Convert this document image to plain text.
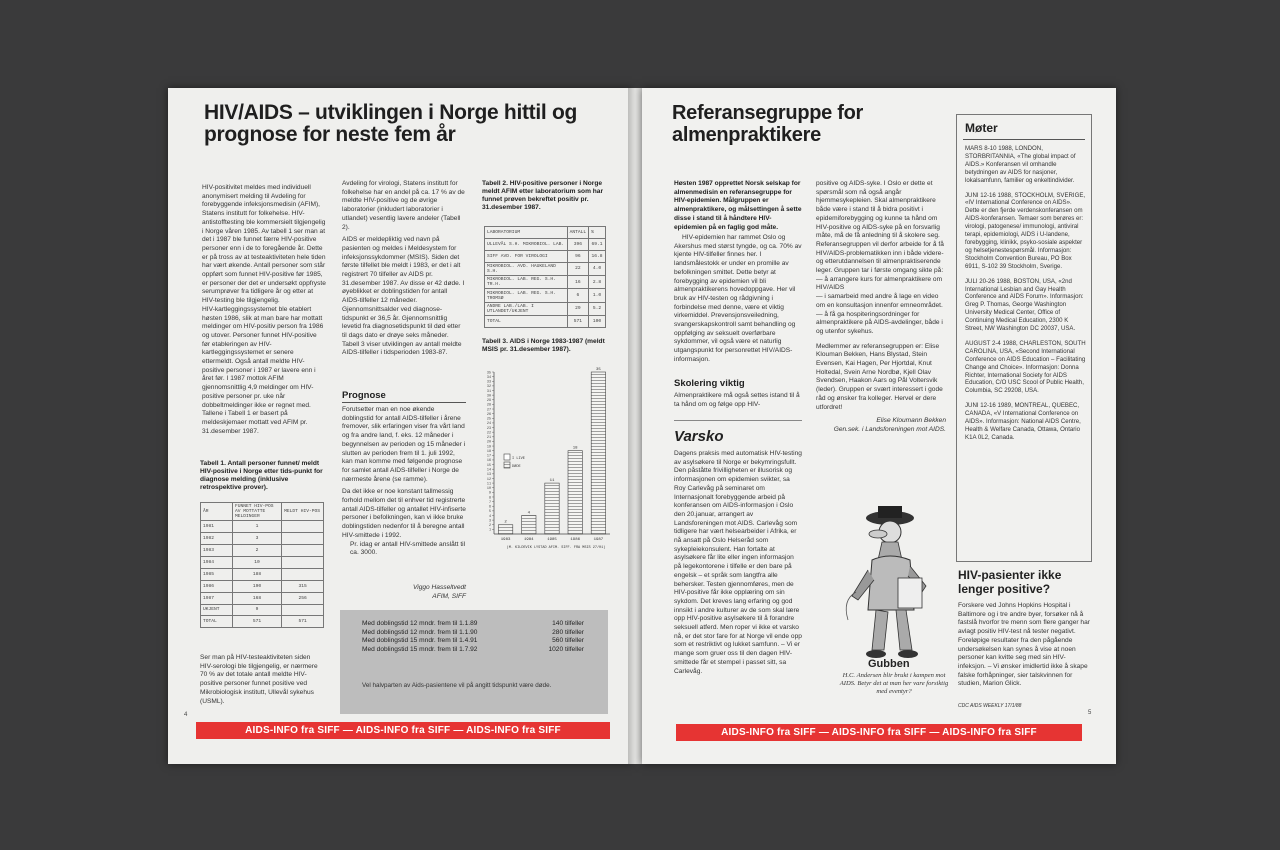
HIV/AIDS – utviklingen i Norge hittil og prognose for neste fem år

HIV-positivitet meldes med individuell anonymisert melding til Avdeling for forebyggende infeksjonsmedisin (AFIM), Statens institutt for folkehelse. HIV-antistofftesting ble kommersielt tilgjengelig i Norge våren 1985. Av tabell 1 ser man at det i 1987 ble funnet færre HIV-positive personer enn i de to foregående år. Dette er på tross av at testeaktiviteten hele tiden har vært økende. Antall personer som står oppført som funnet HIV-positive før 1985, er personer der det er undersøkt oppfryste serumprøver fra tidligere år og etter at HIV-testing ble tilgjengelig.

HIV-kartleggingssystemet ble etablert høsten 1986, slik at man bare har mottatt meldinger om HIV-positiv person fra 1986 og utover. Personer funnet HIV-positive før etableringen av HIV-kartleggingssystemet er senere ettermeldt. Også antall meldte HIV-positive personer i 1987 er lavere enn i året før. I 1987 mottok AFIM gjennomsnittlig 4,9 meldinger om HIV-positive personer pr. uke når dobbeltmeldinger ikke er regnet med. Tallene i Tabell 1 er basert på meldeskjemaer mottatt ved AFIM pr. 31.desember 1987.

Avdeling for virologi, Statens institutt for folkehelse har en andel på ca. 17 % av de meldte HIV-positive og de øvrige laboratorier (inkludert laboratorier i utlandet) vesentlig lavere andeler (Tabell 2).

AIDS er meldepliktig ved navn på pasienten og meldes i Meldesystem for infeksjonssykdommer (MSIS). Siden det første tilfellet ble meldt i 1983, er det i alt registrert 70 tilfeller av AIDS pr. 31.desember 1987. Av disse er 42 døde. I øyeblikket er doblingstiden for antall AIDS-tilfeller 12 måneder. Gjennomsnittsalder ved diagnose-tidspunkt er 36,5 år. Gjennomsnittlig levetid fra diagnosetidspunkt til død etter til dags dato er drøye seks måneder. Tabell 3 viser utviklingen av antall meldte AIDS-tilfeller i tidsperioden 1983-87.

Prognose

Forutsetter man en noe økende doblingstid for antall AIDS-tilfeller i årene fremover, slik erfaringen viser fra vårt land og fra andre land, f. eks. 12 måneder i begynnelsen av perioden og 15 måneder i slutten av perioden frem til 1. juli 1992, kan man komme med følgende prognose for samlet antall AIDS-tilfeller i Norge de nærmeste årene (se ramme).

Da det ikke er noe konstant tallmessig forhold mellom det til enhver tid registrerte antall AIDS-tilfeller og antallet HIV-infiserte personer i befolkningen, kan vi ikke bruke doblingstiden nedenfor til å beregne antall HIV-smittede i 1992.

Pr. idag er antall HIV-smittede anslått til ca. 3000.

Viggo Hasseltvedt
AFIM, SIFF
Tabell 1. Antall personer funnet/ meldt HIV-positive i Norge etter tids-punkt for diagnose melding (inklusive retrospektive prover).
ÅR	FUNNET HIV-POS AV MOTTATTE MELDINGER	MELDT HIV-POS
1981	1	
1982	3	
1983	2	
1984	10	
1985	188	
1986	190	315
1987	168	256
UKJENT	9	
TOTAL	571	571
Ser man på HIV-testeaktiviteten siden HIV-serologi ble tilgjengelig, er nærmere 70 % av det totale antall meldte HIV-positive personer funnet positive ved Mikrobiologisk institutt, Ullevål sykehus (USML).
Tabell 2. HIV-positive personer i Norge meldt AFIM etter laboratorium som har funnet prøven bekreftet positiv pr. 31.desember 1987.
LABORATORIUM	ANTALL	%
ULLEVÅL S.H. MIKROBIOL. LAB.	396	69.1
SIFF AVD. FOR VIROLOGI	96	16.8
MIKROBIOL. AVD. HAUKELAND S.H.	22	4.0
MIKROBIOL. LAB. REG. S.H. TR.H.	16	2.8
MIKROBIOL. LAB. REG. S.H. TROMSØ	6	1.0
ANDRE LAB./LAB. I UTLANDET/UKJENT	29	5.2
TOTAL	571	100
Tabell 3. AIDS i Norge 1983-1987 (meldt MSIS pr. 31.desember 1987).
1
2
3
4
5
6
7
8
9
10
11
12
13
14
15
16
17
18
19
20
21
22
23
24
25
26
27
28
29
30
31
32
33
34
35
2
1983
4
1984
11
1985
18
1986
35
1987
I LIVE
DØDE
(M. KILDEVIK LYSTAD AFIM. SIFF. FRA MSIS 27/01)
Med doblingstid 12 mndr. frem til 1.1.89	140 tilfeller
Med doblingstid 12 mndr. frem til 1.1.90	280 tilfeller
Med doblingstid 15 mndr. frem til 1.4.91	560 tilfeller
Med doblingstid 15 mndr. frem til 1.7.92	1020 tilfeller
Vel halvparten av Aids-pasientene vil på angitt tidspunkt være døde.
4
AIDS-INFO fra SIFF — AIDS-INFO fra SIFF — AIDS-INFO fra SIFF
Referansegruppe for almenpraktikere
Høsten 1987 opprettet Norsk selskap for almenmedisin en referansegruppe for HIV-epidemien. Målgruppen er almenpraktikere, og målsettingen å sette disse i stand til å håndtere HIV-epidemien på en faglig god måte.
HIV-epidemien har rammet Oslo og Akershus med størst tyngde, og ca. 70% av kjente HIV-tilfeller finnes her. I landsmålestokk er under en promille av befolkningen smittet. Dette betyr at forebygging av epidemien vil bli almenpraktikerens hovedoppgave. Her vil bruk av HIV-testen og rådgivning i forbindelse med denne, være et viktig virkemiddel. Prevensjonsveiledning, svangerskapskontroll samt behandling og oppfølging av seksuelt overførbare sykdommer, vil også være et naturlig utgangspunkt for personrettet HIV/AIDS-informasjon.
Skolering viktig
Almenpraktikere må også settes istand til å ta hånd om og følge opp HIV-
Varsko
Dagens praksis med automatisk HIV-testing av asylsøkere til Norge er bekymringsfullt. Den påståtte frivilligheten er illusorisk og informasjonen om epidemien svikter, sa Roy Carlevåg på seminaret om Internasjonalt forebyggende arbeid på konferansen om AIDS-informasjon i Oslo den 20.januar, arrangert av Landsforeningen mot AIDS. Carlevåg som tidligere har vært helsearbeider i Afrika, er nå ansatt på Oslo Helseråd som sykepleiekonsulent. Han fortalte at asylsøkere får lite eller ingen informasjon på legekontorene i tilfelle er den bare på engelsk – et språk som langtfra alle behersker. Testen gjennomføres, men de HIV-positive får ikke opplæring om sin sykdom. Det kreves lang erfaring og god innsikt i andre kulturer av de som skal lære opp HIV-positive asylsøkere til å forandre seksuell atferd. Men roper vi ikke et varsko nå, er det stor fare for at Norge vil ende opp som et restriktivt og lukket samfunn. – Vi er mange som gruer oss til den dagen HIV-smittede får et stempel i passet sitt, sa Carlevåg.

positive og AIDS-syke. I Oslo er dette et spørsmål som nå også angår hjemmesykepleien. Skal almenpraktikere både være i stand til å bidra positivt i epidemiforebygging og kunne ta hånd om HIV-positive og AIDS-syke på en forsvarlig måte, må de få anledning til å skolere seg. Referansegruppen vil derfor arbeide for å få HIV/AIDS-problematikken inn i både videre- og etterutdannelsen til almenpraktiserende leger. Gruppen tar i første omgang sikte på:

— å arrangere kurs for almenpraktikere om HIV/AIDS

— i samarbeid med andre å lage en video om en konsultasjon innenfor emneområdet.

— å få ga hospiteringsordninger for almenpraktikere på AIDS-avdelinger, både i og utenfor sykehus.

Medlemmer av referansegruppen er: Elise Klouman Bekken, Hans Blystad, Stein Evensen, Kai Hagen, Per Hjortdal, Knut Holtedal, Svein Arne Nordbø, Kjell Olav Svendsen, Haakon Aars og Pål Voltersvik (leder). Gruppen er svært interessert i gode råd og ønsker fra kolleger. Hervel er dere utfordret!

Elise Kloumann Bekken
Gen.sek. i Landsforeningen mot AIDS.
Gubben
H.C. Andersen blir brukt i kampen mot AIDS. Betyr det at man her vare forsiktig med eventyr?
Møter
MARS 8-10 1988, LONDON, STORBRITANNIA, «The global impact of AIDS.» Konferansen vil omhandle betydningen av AIDS for nasjoner, lokalsamfunn, familier og enkeltindivider.
JUNI 12-16 1988, STOCKHOLM, SVERIGE, «IV International Conference on AIDS». Dette er den fjerde verdenskonferansen om AIDS-konferansen. Temaer som berøres er: virologi, patogenese/ immunologi, antiviral terapi, epidemiologi, AIDS i U-landene, forebygging, klinikk, psyko-sosiale aspekter og helsetjenestespørsmål. Informasjon: Stockholm Convention Bureau, PO Box 6911, S-102 39 Stockholm, Sverige.
JULI 20-26 1988, BOSTON, USA, «2nd International Lesbian and Gay Health Conference and AIDS Forum». Informasjon: Greg P. Thomas, George Washington University Medical Center, Office of Continuing Medical Education, 2300 K Street, NW Washington DC 20037, USA.
AUGUST 2-4 1988, CHARLESTON, SOUTH CAROLINA, USA, «Second International Conference on AIDS Education – Facilitating Change and Choice». Informasjon: Donna Richter, International Society for AIDS Education, C/O USC Scool of Public Health, Columbia, SC 29208, USA.
JUNI 12-16 1989, MONTREAL, QUEBEC, CANADA, «V International Conference on AIDS». Informasjon: National AIDS Centre, Health & Welfare Canada, Ottawa, Ontario K1A 0L2, Canada.
HIV-pasienter ikke lenger positive?
Forskere ved Johns Hopkins Hospital i Baltimore og i tre andre byer, forsøker nå å fastslå hvorfor tre menn som flere ganger har avlagt positiv HIV-test nå tester negativt. Foreløpige resultater fra den pågående undersøkelsen kan synes å vise at noen personer kan kvitte seg med sin HIV-infeksjon. – Vi ønsker imidlertid ikke å skape falske forhåpninger, sier talskvinnen for studien, Marion Glick.
CDC AIDS WEEKLY 17/1/88
AIDS-INFO fra SIFF — AIDS-INFO fra SIFF — AIDS-INFO fra SIFF
5
